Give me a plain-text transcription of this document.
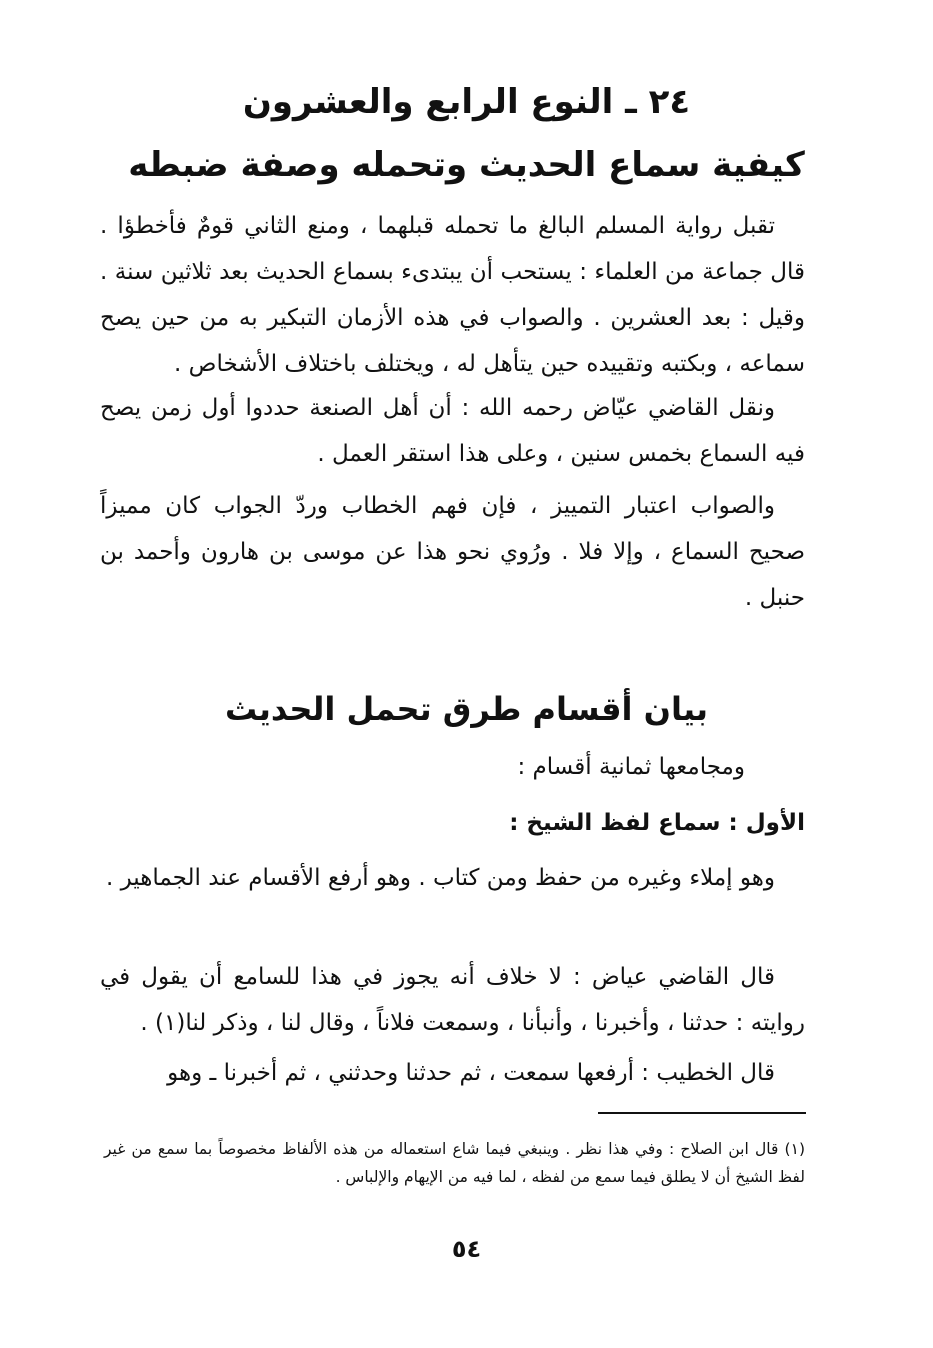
٢٤ ـ النوع الرابع والعشرون
كيفية سماع الحديث وتحمله وصفة ضبطه
تقبل رواية المسلم البالغ ما تحمله قبلهما ، ومنع الثاني قومٌ فأخطؤا . قال جماعة من العلماء : يستحب أن يبتدىء بسماع الحديث بعد ثلاثين سنة . وقيل : بعد العشرين . والصواب في هذه الأزمان التبكير به من حين يصح سماعه ، وبكتبه وتقييده حين يتأهل له ، ويختلف باختلاف الأشخاص .
ونقل القاضي عيّاض رحمه الله : أن أهل الصنعة حددوا أول زمن يصح فيه السماع بخمس سنين ، وعلى هذا استقر العمل .
والصواب اعتبار التمييز ، فإن فهم الخطاب وردّ الجواب كان مميزاً صحيح السماع ، وإلا فلا . ورُوي نحو هذا عن موسى بن هارون وأحمد بن حنبل .
بيان أقسام طرق تحمل الحديث
ومجامعها ثمانية أقسام :
الأول : سماع لفظ الشيخ :
وهو إملاء وغيره من حفظ ومن كتاب . وهو أرفع الأقسام عند الجماهير .
قال القاضي عياض : لا خلاف أنه يجوز في هذا للسامع أن يقول في روايته : حدثنا ، وأخبرنا ، وأنبأنا ، وسمعت فلاناً ، وقال لنا ، وذكر لنا(١) .
قال الخطيب : أرفعها سمعت ، ثم حدثنا وحدثني ، ثم أخبرنا ـ وهو
(١) قال ابن الصلاح : وفي هذا نظر . وينبغي فيما شاع استعماله من هذه الألفاظ مخصوصاً بما سمع من غير لفظ الشيخ أن لا يطلق فيما سمع من لفظه ، لما فيه من الإيهام والإلباس .
٥٤
